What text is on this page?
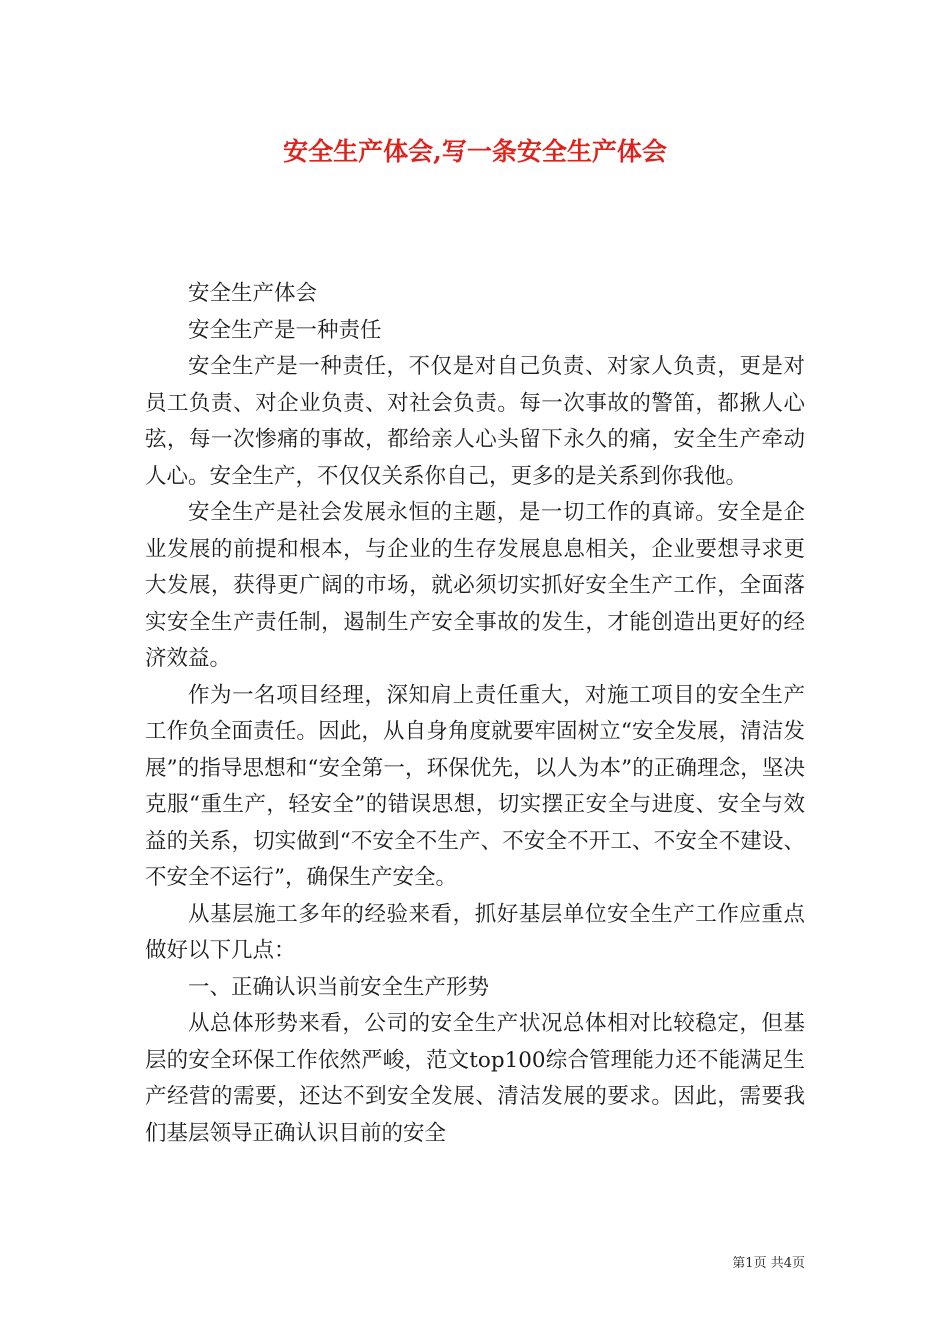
安全生产体会,写一条安全生产体会

安全生产体会

安全生产是一种责任

安全生产是一种责任，不仅是对自己负责、对家人负责，更是对员工负责、对企业负责、对社会负责。每一次事故的警笛，都揪人心弦，每一次惨痛的事故，都给亲人心头留下永久的痛，安全生产牵动人心。安全生产，不仅仅关系你自己，更多的是关系到你我他。

安全生产是社会发展永恒的主题，是一切工作的真谛。安全是企业发展的前提和根本，与企业的生存发展息息相关，企业要想寻求更大发展，获得更广阔的市场，就必须切实抓好安全生产工作，全面落实安全生产责任制，遏制生产安全事故的发生，才能创造出更好的经济效益。

作为一名项目经理，深知肩上责任重大，对施工项目的安全生产工作负全面责任。因此，从自身角度就要牢固树立“安全发展，清洁发展”的指导思想和“安全第一，环保优先，以人为本”的正确理念，坚决克服“重生产，轻安全”的错误思想，切实摆正安全与进度、安全与效益的关系，切实做到“不安全不生产、不安全不开工、不安全不建设、不安全不运行”，确保生产安全。

从基层施工多年的经验来看，抓好基层单位安全生产工作应重点做好以下几点：

一、正确认识当前安全生产形势

从总体形势来看，公司的安全生产状况总体相对比较稳定，但基层的安全环保工作依然严峻，范文top100综合管理能力还不能满足生产经营的需要，还达不到安全发展、清洁发展的要求。因此，需要我们基层领导正确认识目前的安全

第1页 共4页
